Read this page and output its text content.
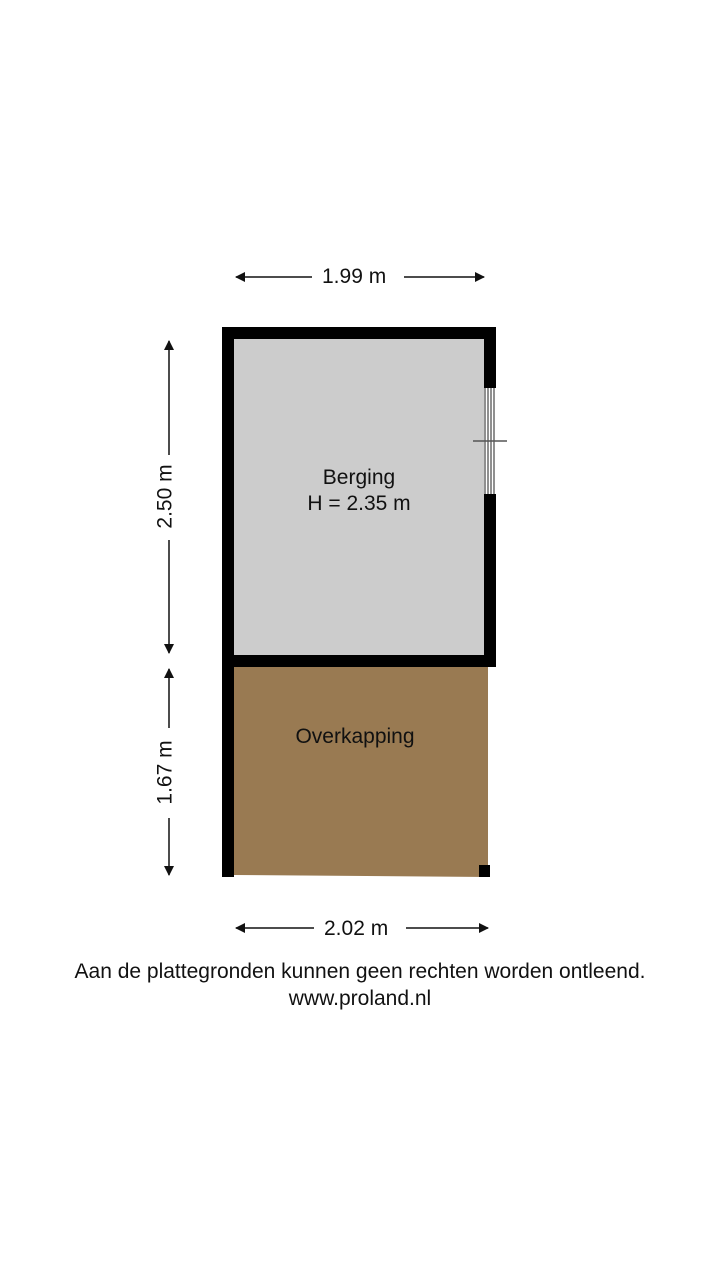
1.99 m
2.02 m
2.50 m
1.67 m
Berging
H = 2.35 m
Overkapping
Aan de plattegronden kunnen geen rechten worden ontleend.
www.proland.nl
